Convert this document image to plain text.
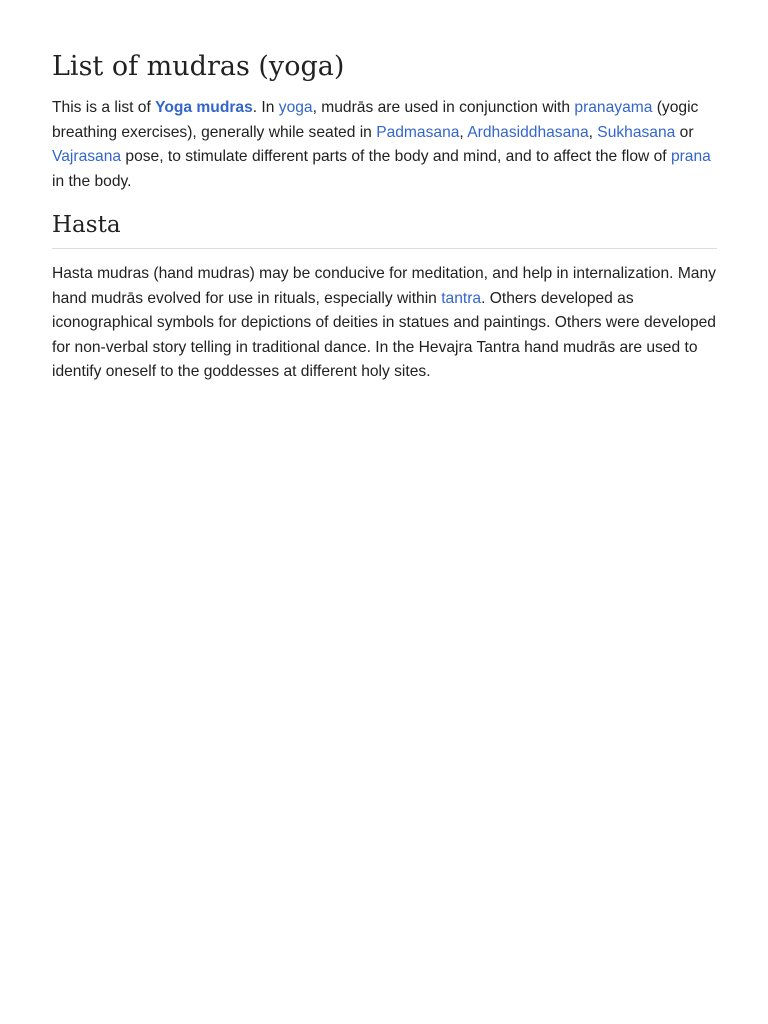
List of mudras (yoga)

This is a list of Yoga mudras. In yoga, mudrās are used in conjunction with pranayama (yogic breathing exercises), generally while seated in Padmasana, Ardhasiddhasana, Sukhasana or Vajrasana pose, to stimulate different parts of the body and mind, and to affect the flow of prana in the body.

Hasta

Hasta mudras (hand mudras) may be conducive for meditation, and help in internalization. Many hand mudrās evolved for use in rituals, especially within tantra. Others developed as iconographical symbols for depictions of deities in statues and paintings. Others were developed for non-verbal story telling in traditional dance. In the Hevajra Tantra hand mudrās are used to identify oneself to the goddesses at different holy sites.
